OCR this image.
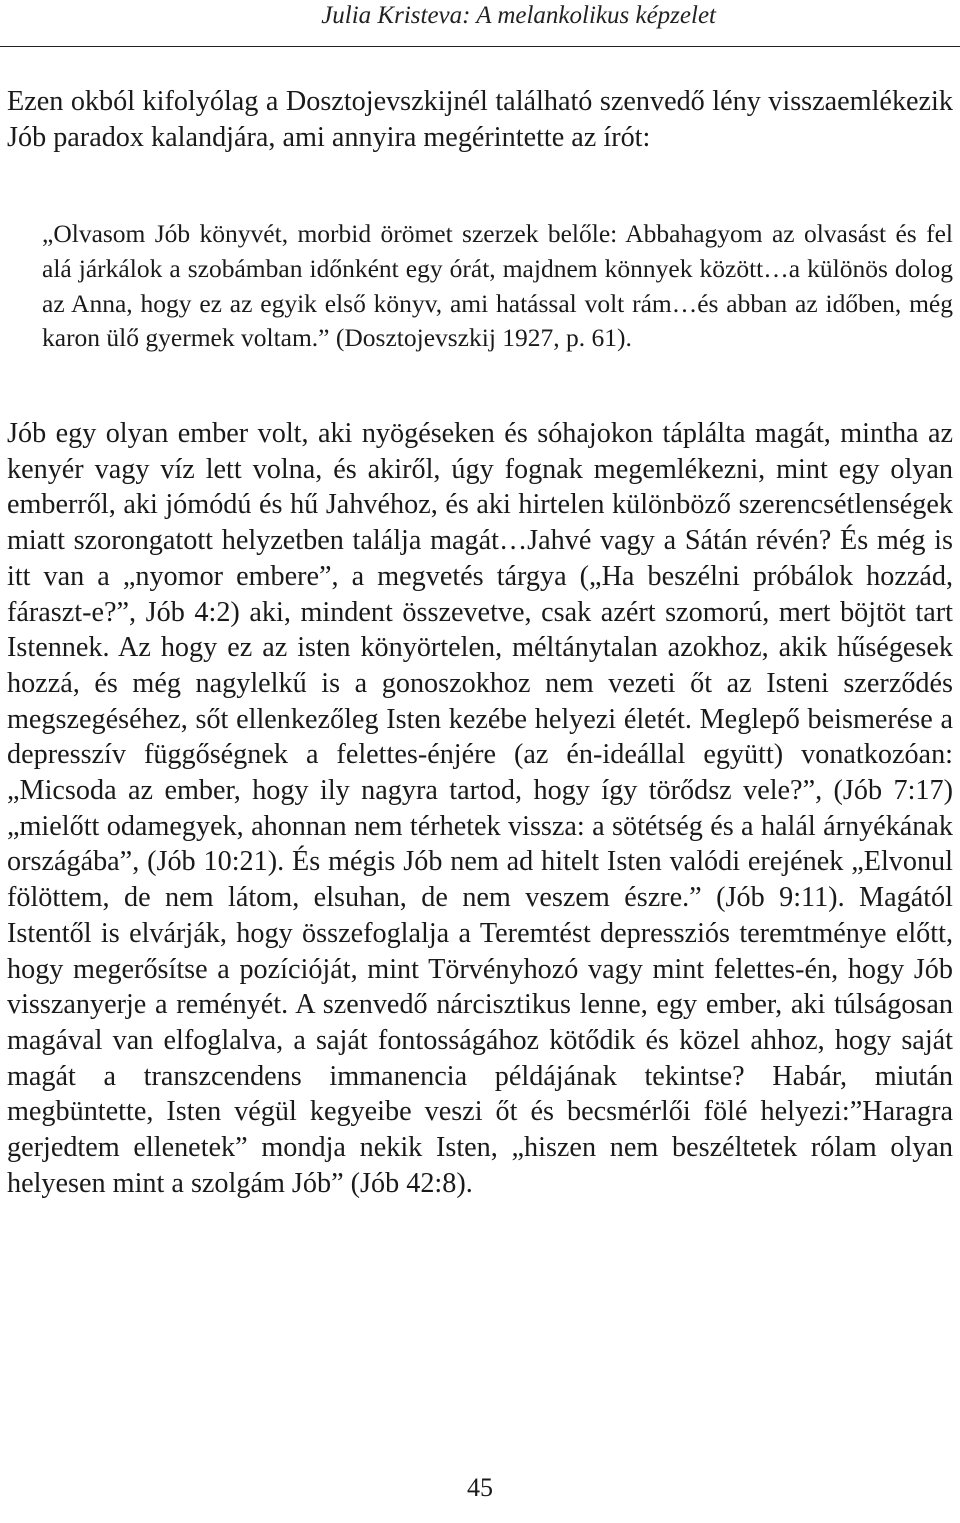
Julia Kristeva: A melankolikus képzelet

Ezen okból kifolyólag a Dosztojevszkijnél található szenvedő lény visszaemlékezik Jób paradox kalandjára, ami annyira megérintette az írót:

„Olvasom Jób könyvét, morbid örömet szerzek belőle: Abbahagyom az olvasást és fel alá járkálok a szobámban időnként egy órát, majdnem könnyek között…a különös dolog az Anna, hogy ez az egyik első könyv, ami hatással volt rám…és abban az időben, még karon ülő gyermek voltam.” (Dosztojevszkij 1927, p. 61).

Jób egy olyan ember volt, aki nyögéseken és sóhajokon táplálta magát, mintha az kenyér vagy víz lett volna, és akiről, úgy fognak megemlékezni, mint egy olyan emberről, aki jómódú és hű Jahvéhoz, és aki hirtelen különböző szerencsétlenségek miatt szorongatott helyzetben találja magát…Jahvé vagy a Sátán révén? És még is itt van a „nyomor embere”, a megvetés tárgya („Ha beszélni próbálok hozzád, fáraszt-e?”, Jób 4:2) aki, mindent összevetve, csak azért szomorú, mert böjtöt tart Istennek. Az hogy ez az isten könyörtelen, méltánytalan azokhoz, akik hűségesek hozzá, és még nagylelkű is a gonoszokhoz nem vezeti őt az Isteni szerződés megszegéséhez, sőt ellenkezőleg Isten kezébe helyezi életét. Meglepő beismerése a depresszív függőségnek a felettes-énjére (az én-ideállal együtt) vonatkozóan: „Micsoda az ember, hogy ily nagyra tartod, hogy így törődsz vele?”, (Jób 7:17) „mielőtt odamegyek, ahonnan nem térhetek vissza: a sötétség és a halál árnyékának országába”, (Jób 10:21). És mégis Jób nem ad hitelt Isten valódi erejének „Elvonul fölöttem, de nem látom, elsuhan, de nem veszem észre.” (Jób 9:11). Magától Istentől is elvárják, hogy összefoglalja a Teremtést depressziós teremtménye előtt, hogy megerősítse a pozícióját, mint Törvényhozó vagy mint felettes-én, hogy Jób visszanyerje a reményét. A szenvedő nárcisztikus lenne, egy ember, aki túlságosan magával van elfoglalva, a saját fontosságához kötődik és közel ahhoz, hogy saját magát a transzcendens immanencia példájának tekintse? Habár, miután megbüntette, Isten végül kegyeibe veszi őt és becsmérlői fölé helyezi:”Haragra gerjedtem ellenetek” mondja nekik Isten, „hiszen nem beszéltetek rólam olyan helyesen mint a szolgám Jób” (Jób 42:8).

45
